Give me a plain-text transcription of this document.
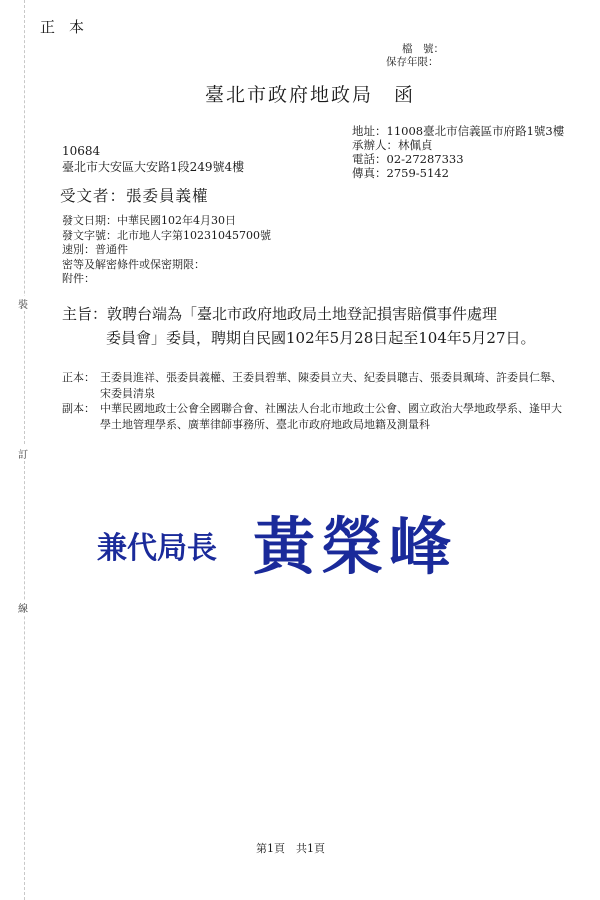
裝
訂
線
正本
檔　號：
保存年限：
臺北市政府地政局　函
地址：11008臺北市信義區市府路1號3樓
承辦人：林佩貞
電話：02-27287333
傳真：2759-5142
10684
臺北市大安區大安路1段249號4樓
受文者：張委員義權
發文日期：中華民國102年4月30日
發文字號：北市地人字第10231045700號
速別：普通件
密等及解密條件或保密期限：
附件：
主旨：敦聘台端為「臺北市政府地政局土地登記損害賠償事件處理
委員會」委員，聘期自民國102年5月28日起至104年5月27日。
正本： 王委員進祥、張委員義權、王委員碧華、陳委員立夫、紀委員聰吉、張委員珮琦、許委員仁舉、宋委員清泉
副本： 中華民國地政士公會全國聯合會、社團法人台北市地政士公會、國立政治大學地政學系、逢甲大學土地管理學系、廣華律師事務所、臺北市政府地政局地籍及測量科
兼代局長 黃榮峰
第1頁　共1頁
